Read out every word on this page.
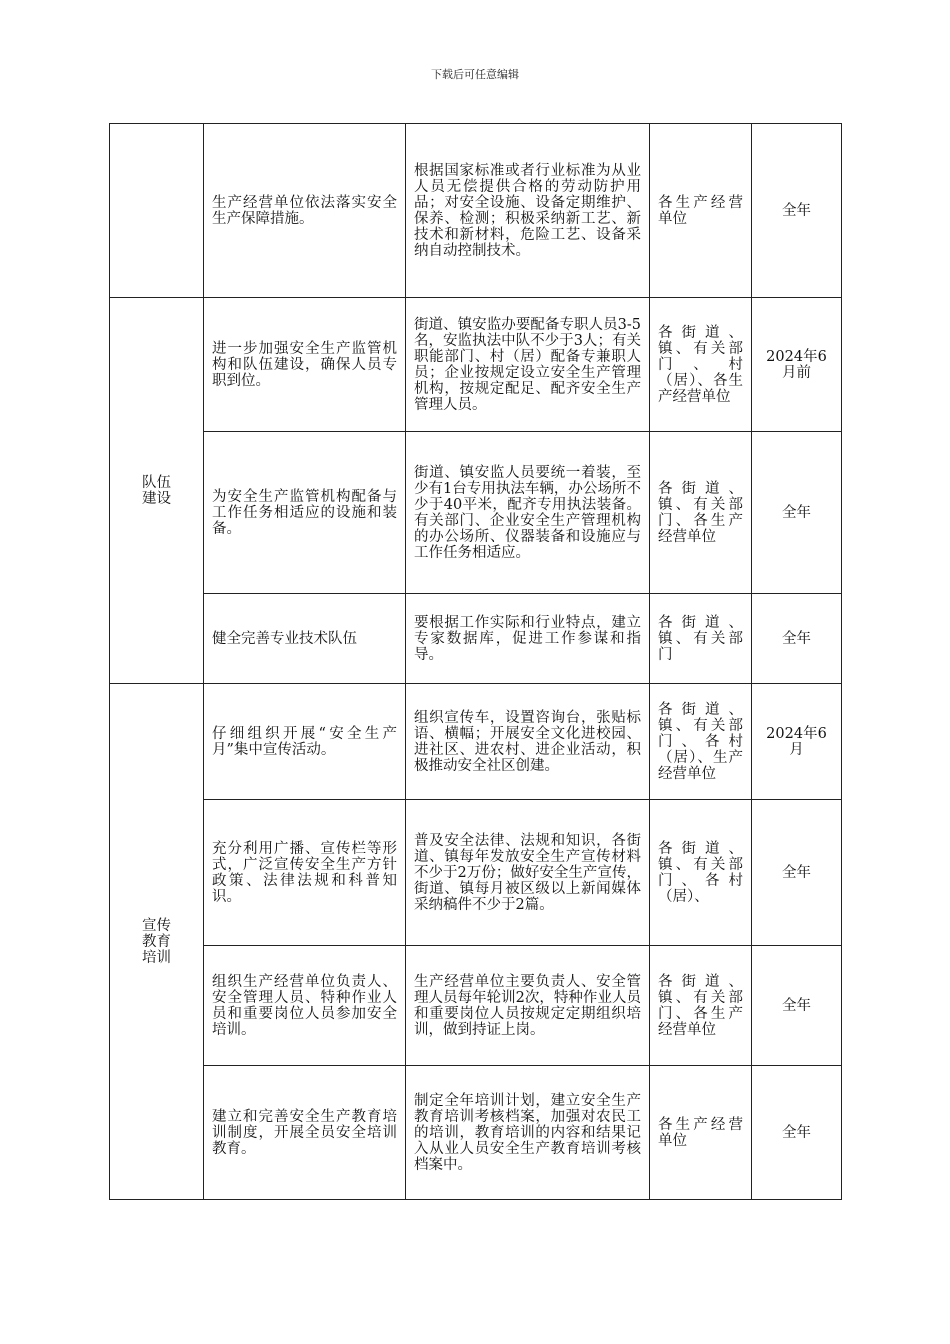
下载后可任意编辑
	生产经营单位依法落实安全生产保障措施。	根据国家标准或者行业标准为从业人员无偿提供合格的劳动防护用品；对安全设施、设备定期维护、保养、检测；积极采纳新工艺、新技术和新材料，危险工艺、设备采纳自动控制技术。	各生产经营单位	全年
队伍建设	进一步加强安全生产监管机构和队伍建设，确保人员专职到位。	街道、镇安监办要配备专职人员3-5名，安监执法中队不少于3人；有关职能部门、村（居）配备专兼职人员；企业按规定设立安全生产管理机构，按规定配足、配齐安全生产管理人员。	各街道、镇、有关部门、村（居）、各生产经营单位	2024年6月前
	为安全生产监管机构配备与工作任务相适应的设施和装备。	街道、镇安监人员要统一着装，至少有1台专用执法车辆，办公场所不少于40平米，配齐专用执法装备。有关部门、企业安全生产管理机构的办公场所、仪器装备和设施应与工作任务相适应。	各街道、镇、有关部门、各生产经营单位	全年
	健全完善专业技术队伍	要根据工作实际和行业特点，建立专家数据库，促进工作参谋和指导。	各街道、镇、有关部门	全年
宣传教育培训	仔细组织开展“安全生产月”集中宣传活动。	组织宣传车，设置咨询台，张贴标语、横幅；开展安全文化进校园、进社区、进农村、进企业活动，积极推动安全社区创建。	各街道、镇、有关部门、各村（居）、生产经营单位	2024年6月
	充分利用广播、宣传栏等形式，广泛宣传安全生产方针政策、法律法规和科普知识。	普及安全法律、法规和知识，各街道、镇每年发放安全生产宣传材料不少于2万份；做好安全生产宣传，街道、镇每月被区级以上新闻媒体采纳稿件不少于2篇。	各街道、镇、有关部门、各村（居）、	全年
	组织生产经营单位负责人、安全管理人员、特种作业人员和重要岗位人员参加安全培训。	生产经营单位主要负责人、安全管理人员每年轮训2次，特种作业人员和重要岗位人员按规定定期组织培训，做到持证上岗。	各街道、镇、有关部门、各生产经营单位	全年
	建立和完善安全生产教育培训制度，开展全员安全培训教育。	制定全年培训计划，建立安全生产教育培训考核档案，加强对农民工的培训，教育培训的内容和结果记入从业人员安全生产教育培训考核档案中。	各生产经营单位	全年
